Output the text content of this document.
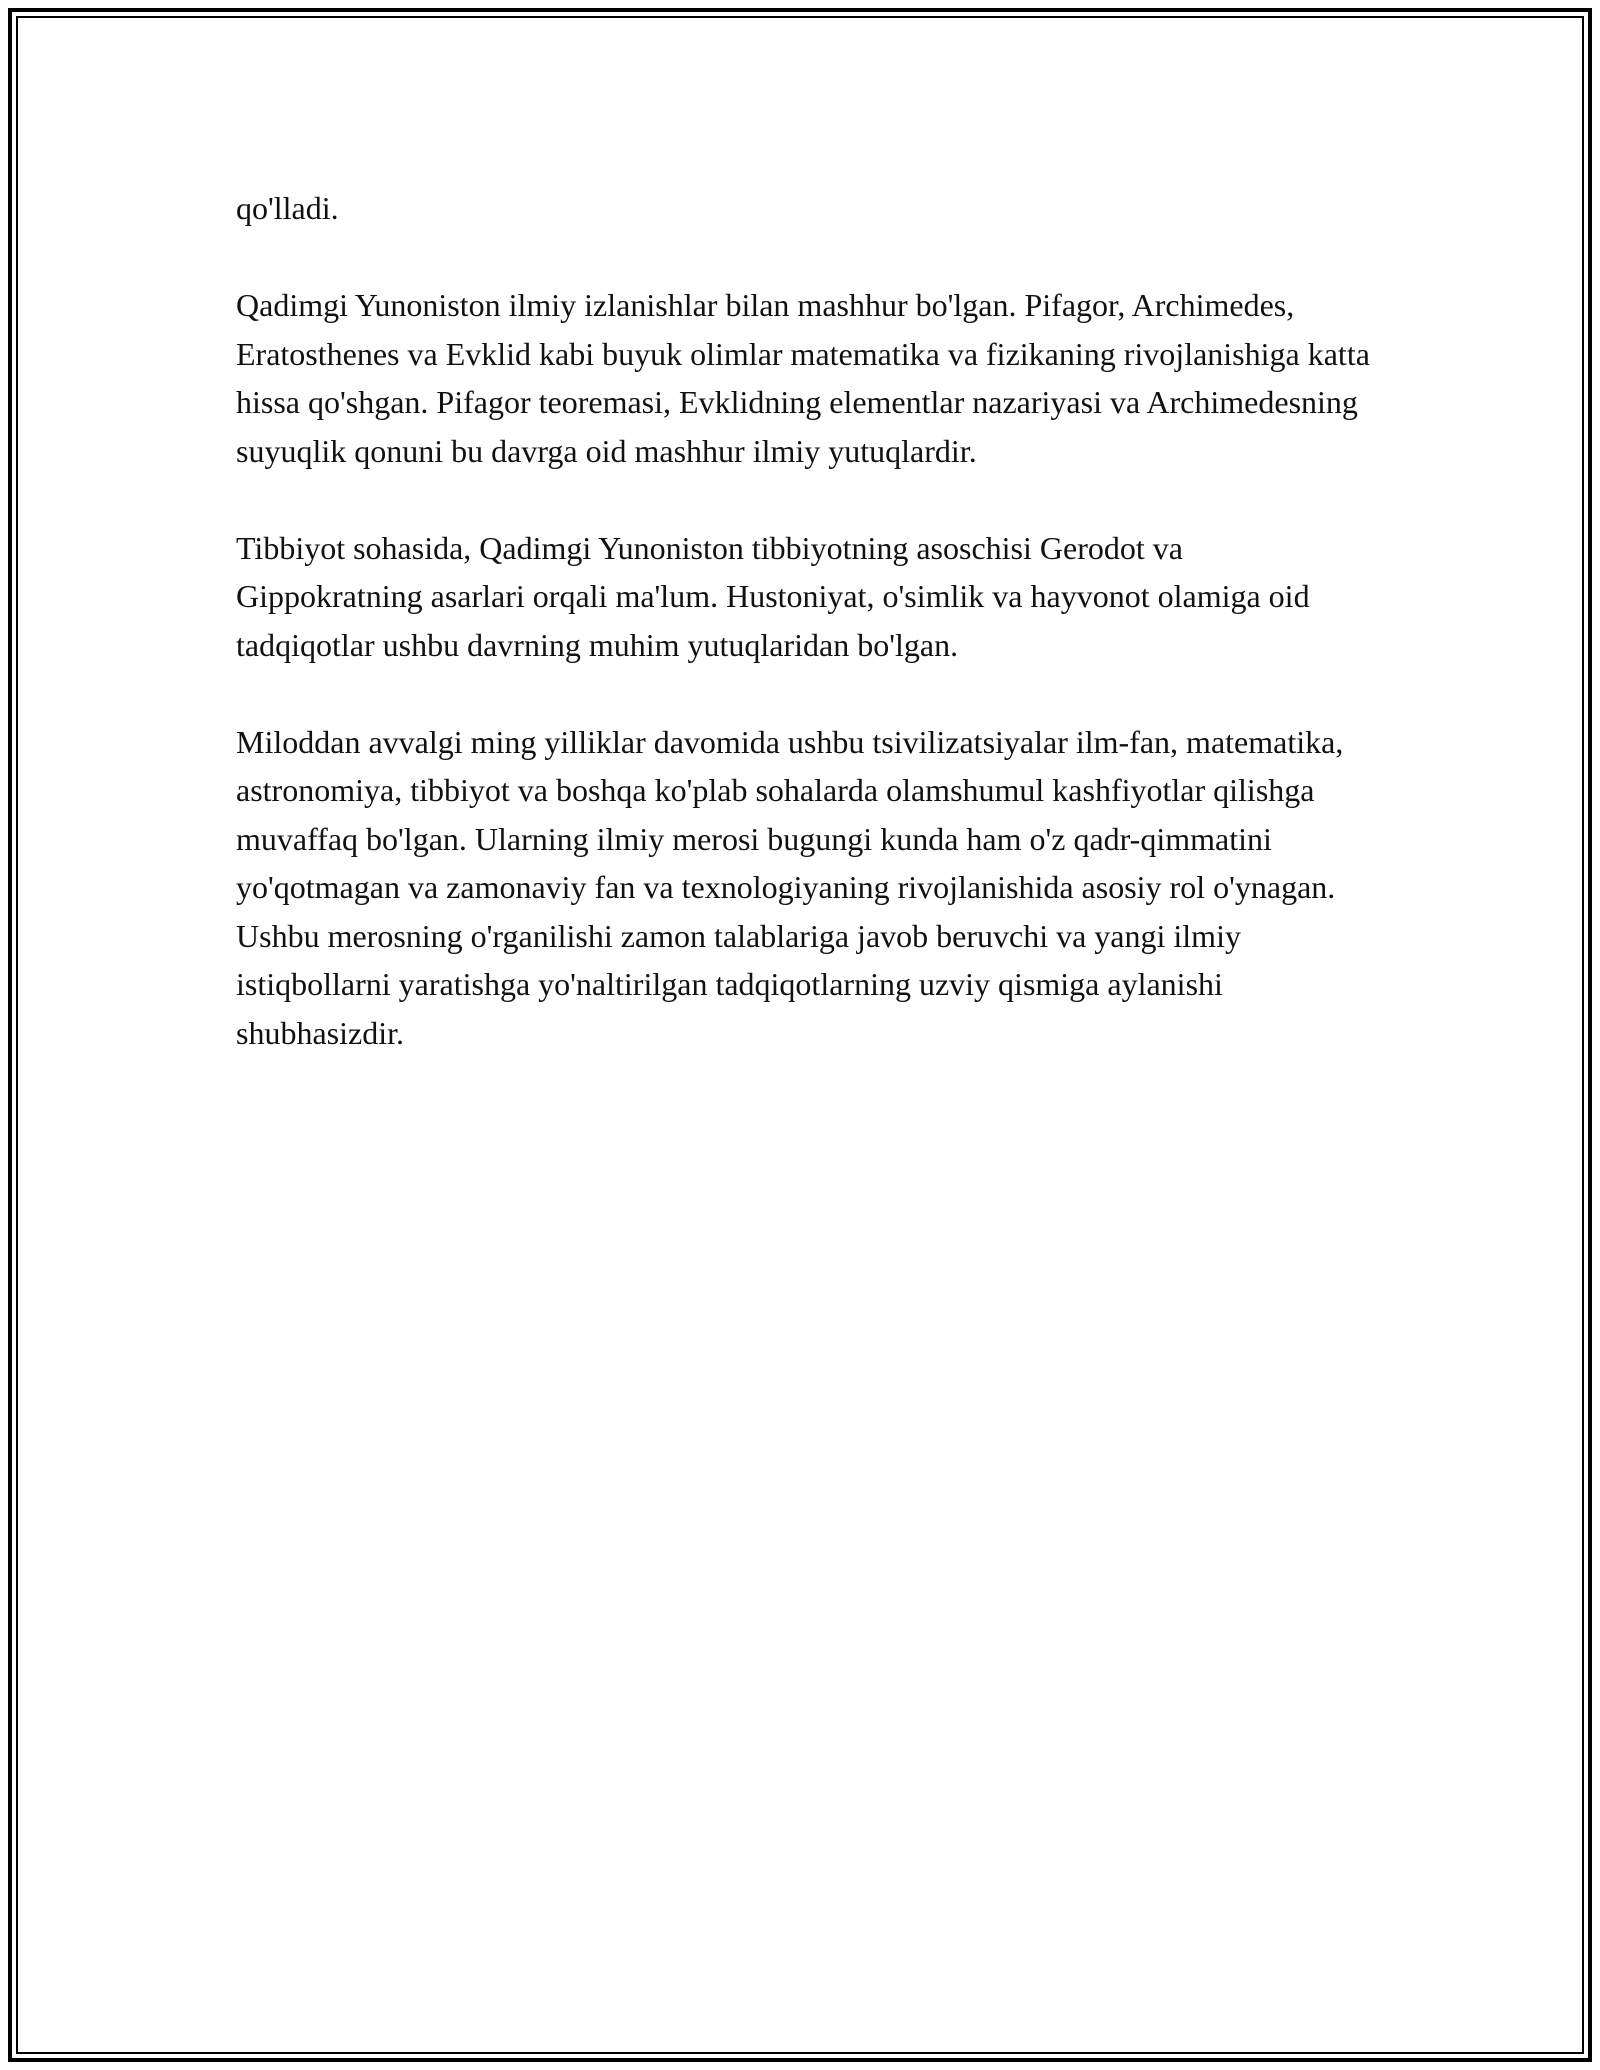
qo'lladi.

Qadimgi Yunoniston ilmiy izlanishlar bilan mashhur bo'lgan. Pifagor, Archimedes, Eratosthenes va Evklid kabi buyuk olimlar matematika va fizikaning rivojlanishiga katta hissa qo'shgan. Pifagor teoremasi, Evklidning elementlar nazariyasi va Archimedesning suyuqlik qonuni bu davrga oid mashhur ilmiy yutuqlardir.

Tibbiyot sohasida, Qadimgi Yunoniston tibbiyotning asoschisi Gerodot va Gippokratning asarlari orqali ma'lum. Hustoniyat, o'simlik va hayvonot olamiga oid tadqiqotlar ushbu davrning muhim yutuqlaridan bo'lgan.

Miloddan avvalgi ming yilliklar davomida ushbu tsivilizatsiyalar ilm-fan, matematika, astronomiya, tibbiyot va boshqa ko'plab sohalarda olamshumul kashfiyotlar qilishga muvaffaq bo'lgan. Ularning ilmiy merosi bugungi kunda ham o'z qadr-qimmatini yo'qotmagan va zamonaviy fan va texnologiyaning rivojlanishida asosiy rol o'ynagan. Ushbu merosning o'rganilishi zamon talablariga javob beruvchi va yangi ilmiy istiqbollarni yaratishga yo'naltirilgan tadqiqotlarning uzviy qismiga aylanishi shubhasizdir.
